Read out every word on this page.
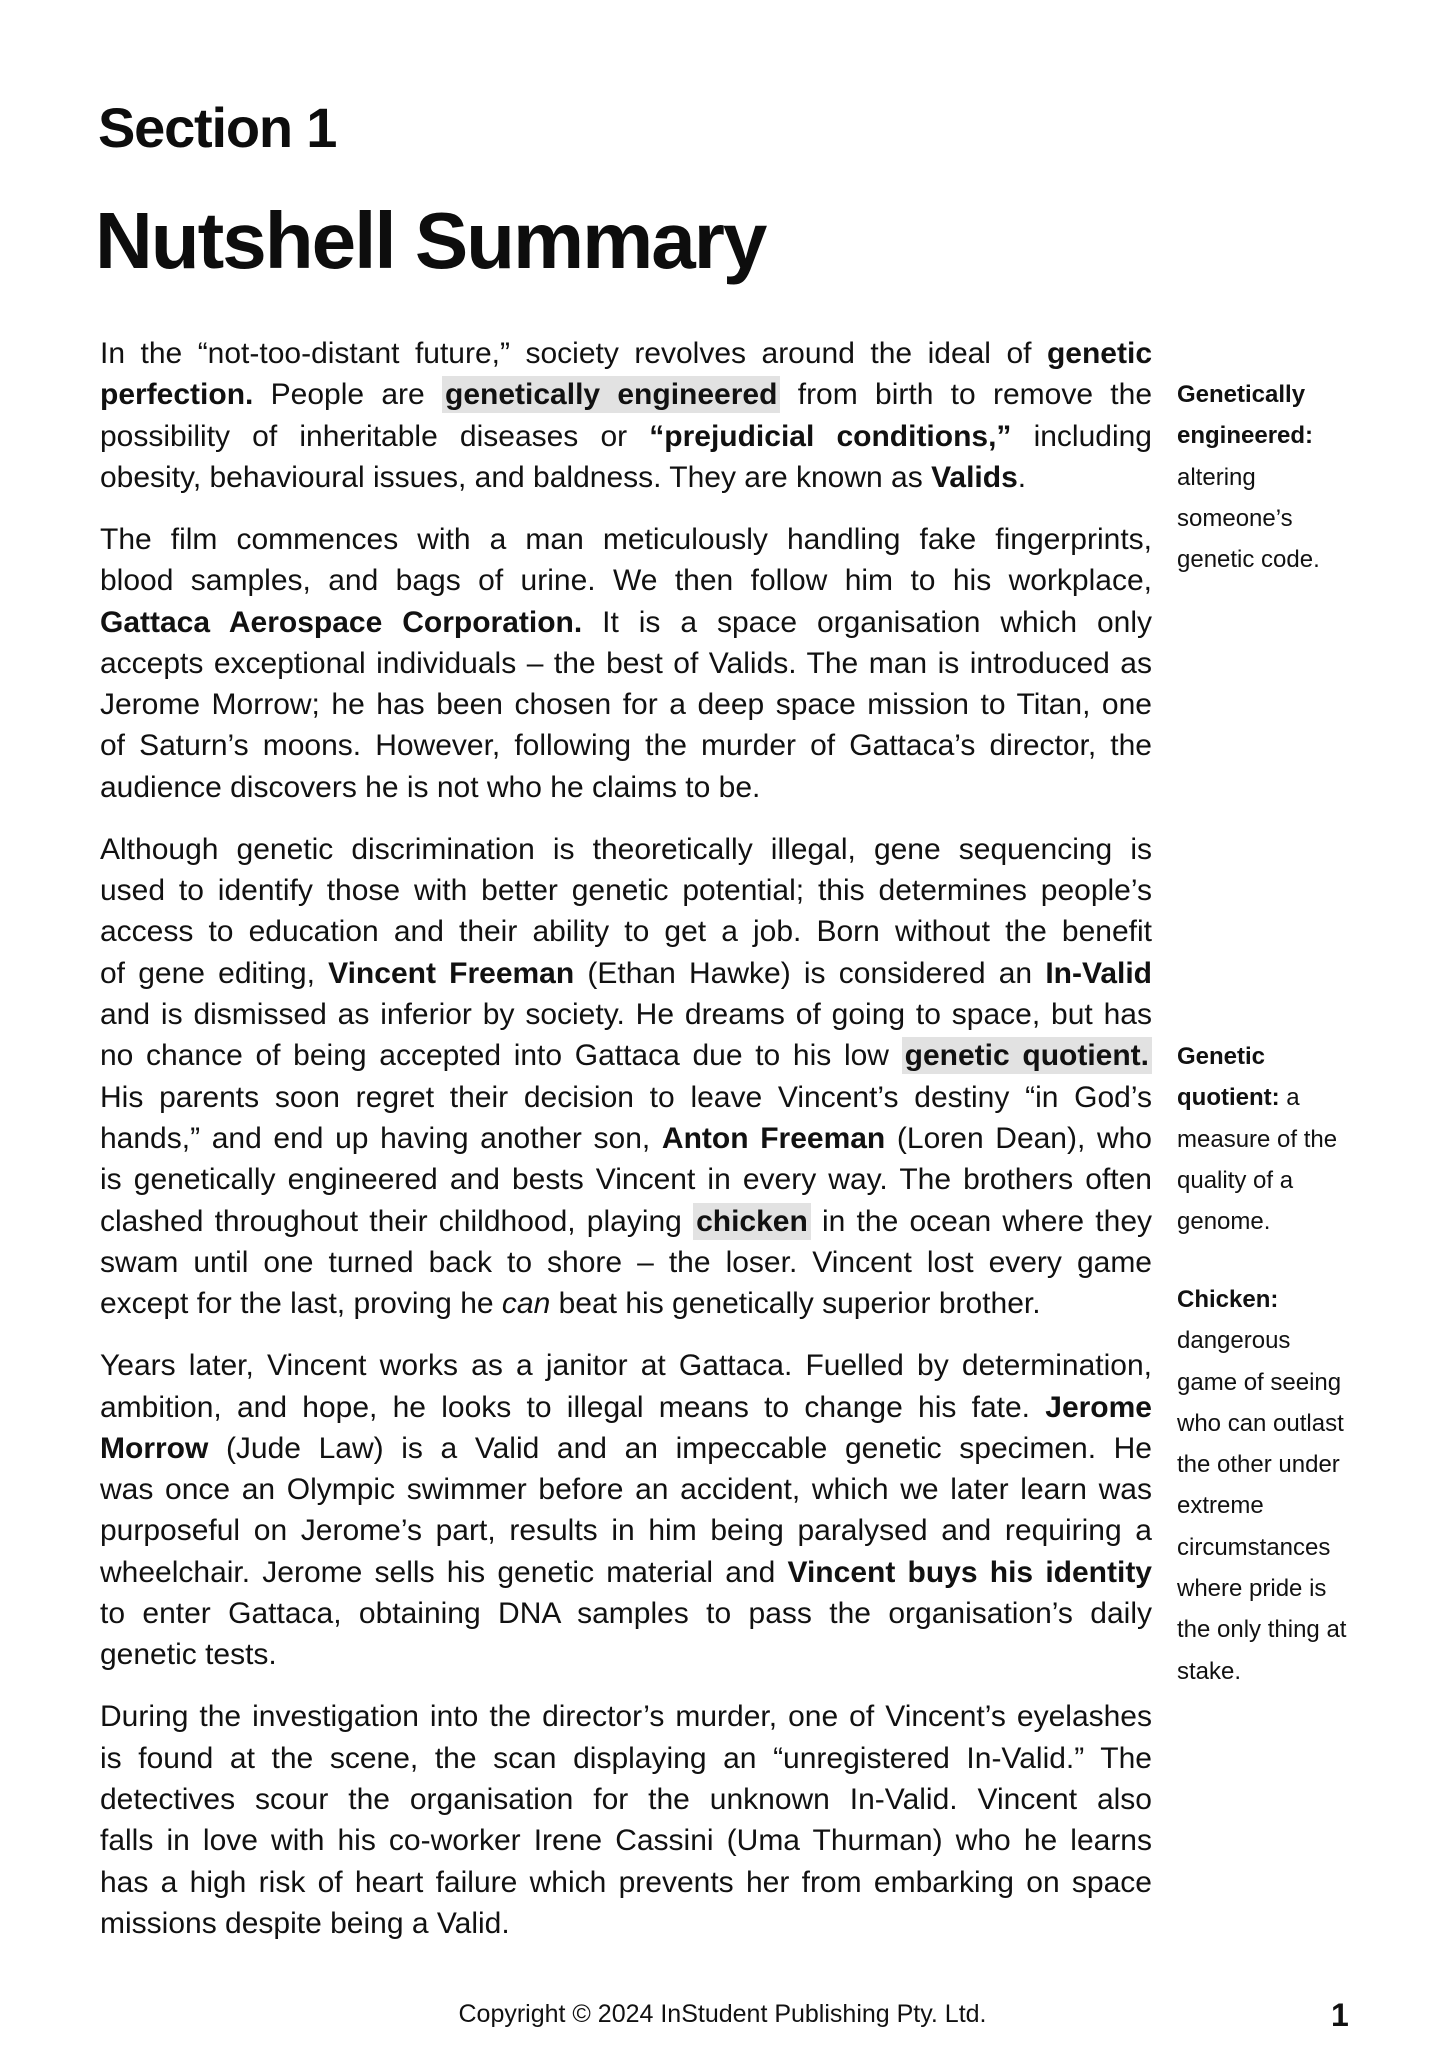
Section 1
Nutshell Summary
In the “not-too-distant future,” society revolves around the ideal of genetic
perfection. People are genetically engineered from birth to remove the
possibility of inheritable diseases or “prejudicial conditions,” including
obesity, behavioural issues, and baldness. They are known as Valids.
The film commences with a man meticulously handling fake fingerprints,
blood samples, and bags of urine. We then follow him to his workplace,
Gattaca Aerospace Corporation. It is a space organisation which only
accepts exceptional individuals – the best of Valids. The man is introduced as
Jerome Morrow; he has been chosen for a deep space mission to Titan, one
of Saturn’s moons. However, following the murder of Gattaca’s director, the
audience discovers he is not who he claims to be.
Although genetic discrimination is theoretically illegal, gene sequencing is
used to identify those with better genetic potential; this determines people’s
access to education and their ability to get a job. Born without the benefit
of gene editing, Vincent Freeman (Ethan Hawke) is considered an In-Valid
and is dismissed as inferior by society. He dreams of going to space, but has
no chance of being accepted into Gattaca due to his low genetic quotient.
His parents soon regret their decision to leave Vincent’s destiny “in God’s
hands,” and end up having another son, Anton Freeman (Loren Dean), who
is genetically engineered and bests Vincent in every way. The brothers often
clashed throughout their childhood, playing chicken in the ocean where they
swam until one turned back to shore – the loser. Vincent lost every game
except for the last, proving he can beat his genetically superior brother.
Years later, Vincent works as a janitor at Gattaca. Fuelled by determination,
ambition, and hope, he looks to illegal means to change his fate. Jerome
Morrow (Jude Law) is a Valid and an impeccable genetic specimen. He
was once an Olympic swimmer before an accident, which we later learn was
purposeful on Jerome’s part, results in him being paralysed and requiring a
wheelchair. Jerome sells his genetic material and Vincent buys his identity
to enter Gattaca, obtaining DNA samples to pass the organisation’s daily
genetic tests.
During the investigation into the director’s murder, one of Vincent’s eyelashes
is found at the scene, the scan displaying an “unregistered In-Valid.” The
detectives scour the organisation for the unknown In-Valid. Vincent also
falls in love with his co-worker Irene Cassini (Uma Thurman) who he learns
has a high risk of heart failure which prevents her from embarking on space
missions despite being a Valid.
Genetically
engineered:
altering
someone’s
genetic code.
Genetic
quotient: a
measure of the
quality of a
genome.
Chicken:
dangerous
game of seeing
who can outlast
the other under
extreme
circumstances
where pride is
the only thing at
stake.
Copyright © 2024 InStudent Publishing Pty. Ltd.	1
